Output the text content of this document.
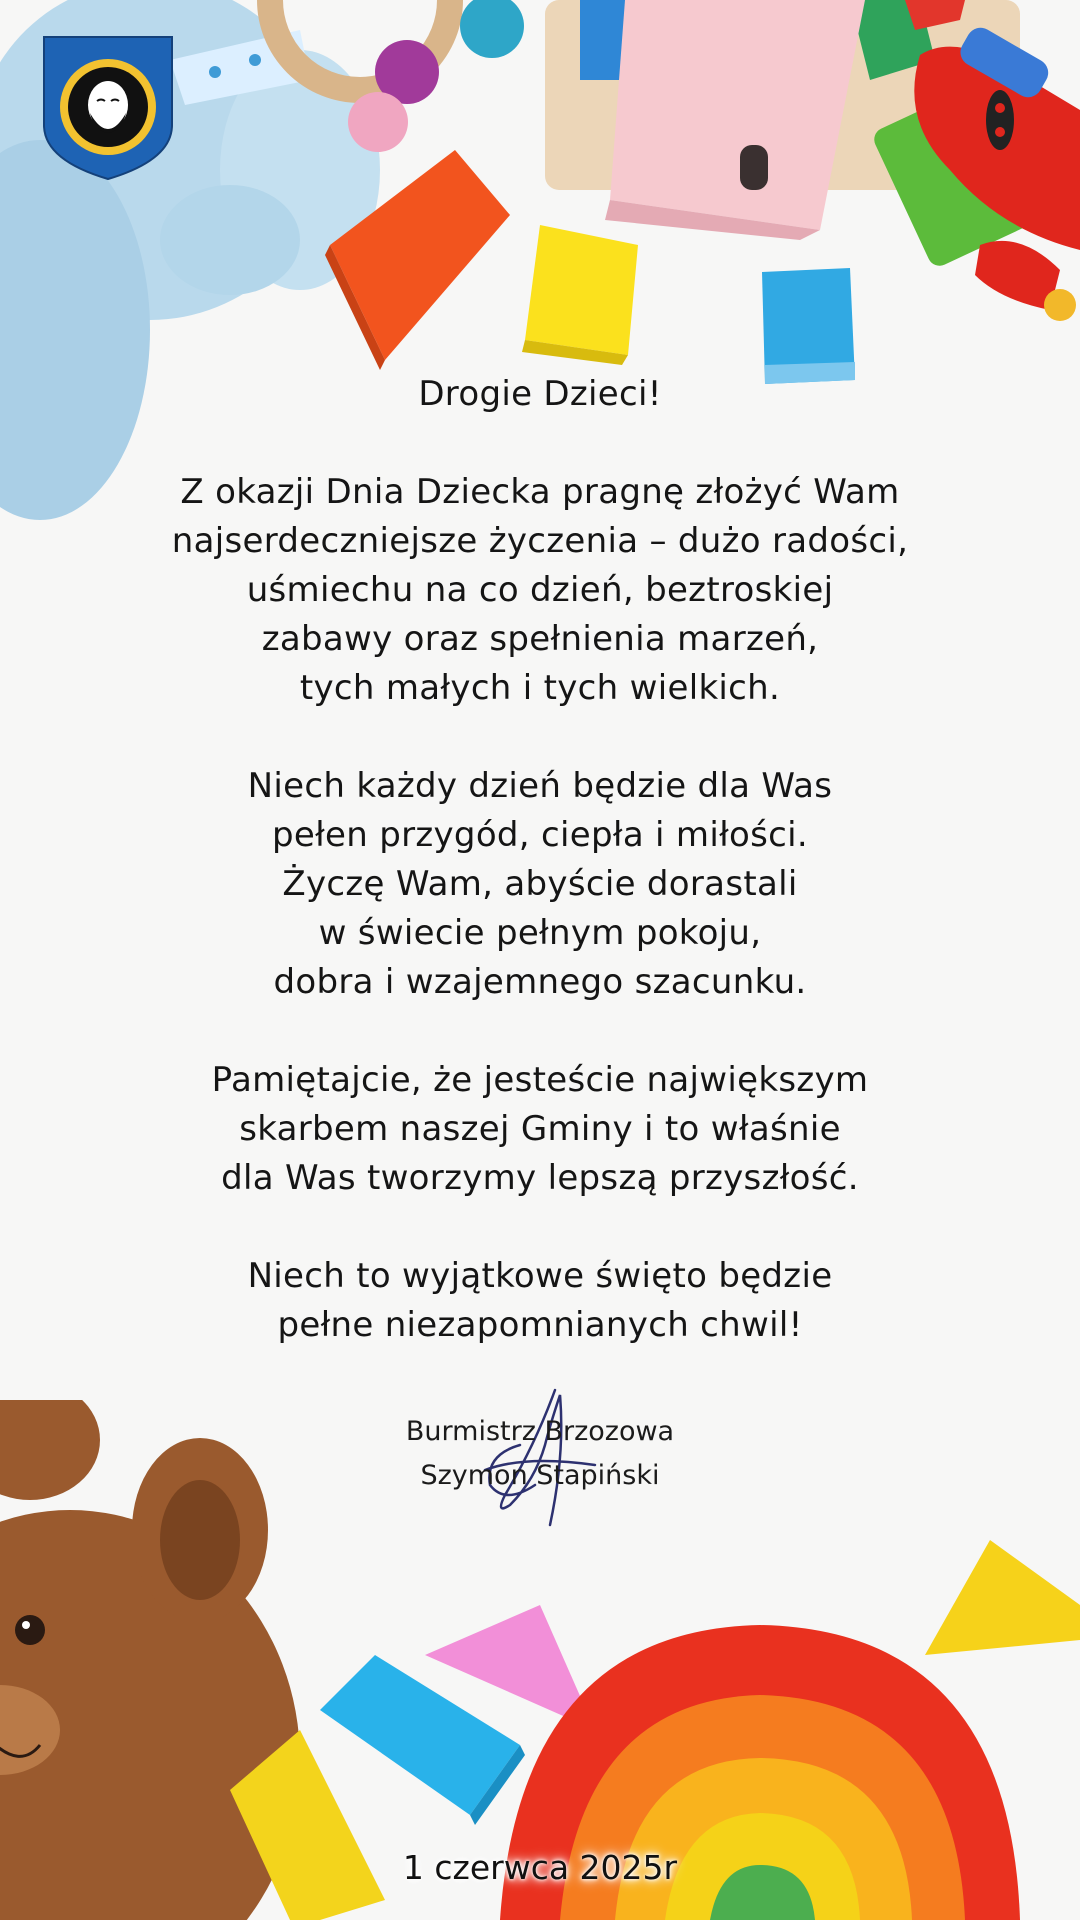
Drogie Dzieci!
Z okazji Dnia Dziecka pragnę złożyć Wam
najserdeczniejsze życzenia – dużo radości,
uśmiechu na co dzień, beztroskiej
zabawy oraz spełnienia marzeń,
tych małych i tych wielkich.
Niech każdy dzień będzie dla Was
pełen przygód, ciepła i miłości.
Życzę Wam, abyście dorastali
w świecie pełnym pokoju,
dobra i wzajemnego szacunku.
Pamiętajcie, że jesteście największym
skarbem naszej Gminy i to właśnie
dla Was tworzymy lepszą przyszłość.
Niech to wyjątkowe święto będzie
pełne niezapomnianych chwil!
Burmistrz Brzozowa
Szymon Stapiński
1 czerwca 2025r
